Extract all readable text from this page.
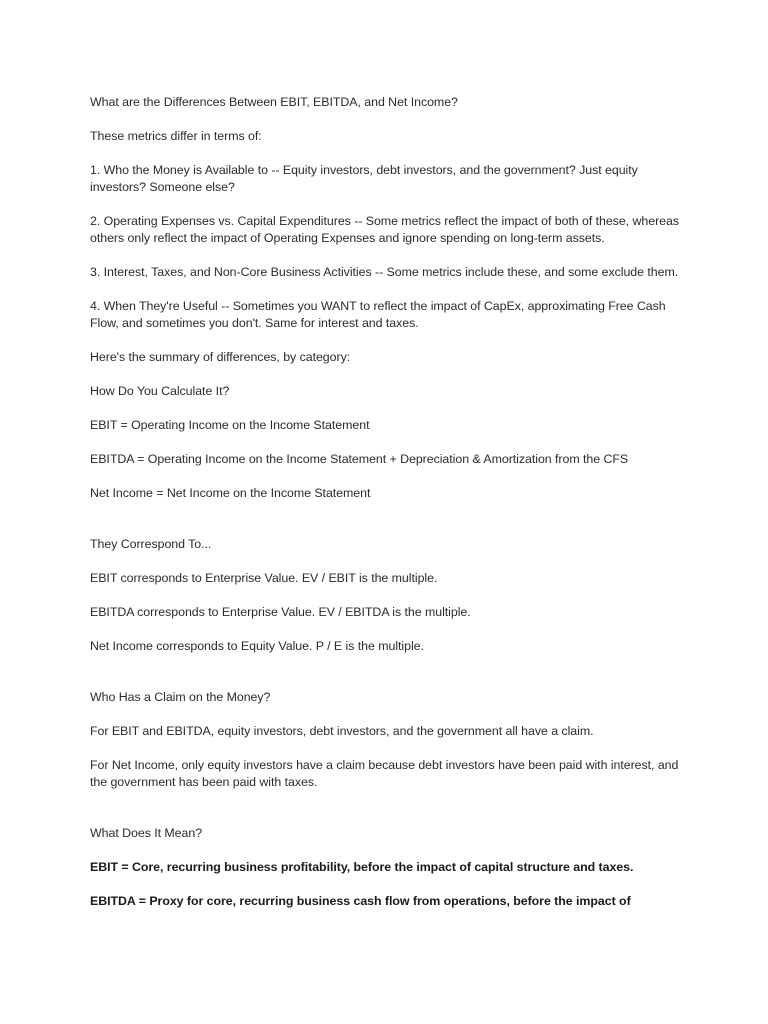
What are the Differences Between EBIT, EBITDA, and Net Income?

These metrics differ in terms of:

1. Who the Money is Available to -- Equity investors, debt investors, and the government? Just equity investors? Someone else?

2. Operating Expenses vs. Capital Expenditures -- Some metrics reflect the impact of both of these, whereas others only reflect the impact of Operating Expenses and ignore spending on long-term assets.

3. Interest, Taxes, and Non-Core Business Activities -- Some metrics include these, and some exclude them.

4. When They're Useful -- Sometimes you WANT to reflect the impact of CapEx, approximating Free Cash Flow, and sometimes you don't. Same for interest and taxes.

Here's the summary of differences, by category:

How Do You Calculate It?

EBIT = Operating Income on the Income Statement

EBITDA = Operating Income on the Income Statement + Depreciation & Amortization from the CFS

Net Income = Net Income on the Income Statement

They Correspond To...

EBIT corresponds to Enterprise Value. EV / EBIT is the multiple.

EBITDA corresponds to Enterprise Value. EV / EBITDA is the multiple.

Net Income corresponds to Equity Value. P / E is the multiple.

Who Has a Claim on the Money?

For EBIT and EBITDA, equity investors, debt investors, and the government all have a claim.

For Net Income, only equity investors have a claim because debt investors have been paid with interest, and the government has been paid with taxes.

What Does It Mean?

EBIT = Core, recurring business profitability, before the impact of capital structure and taxes.

EBITDA = Proxy for core, recurring business cash flow from operations, before the impact of
